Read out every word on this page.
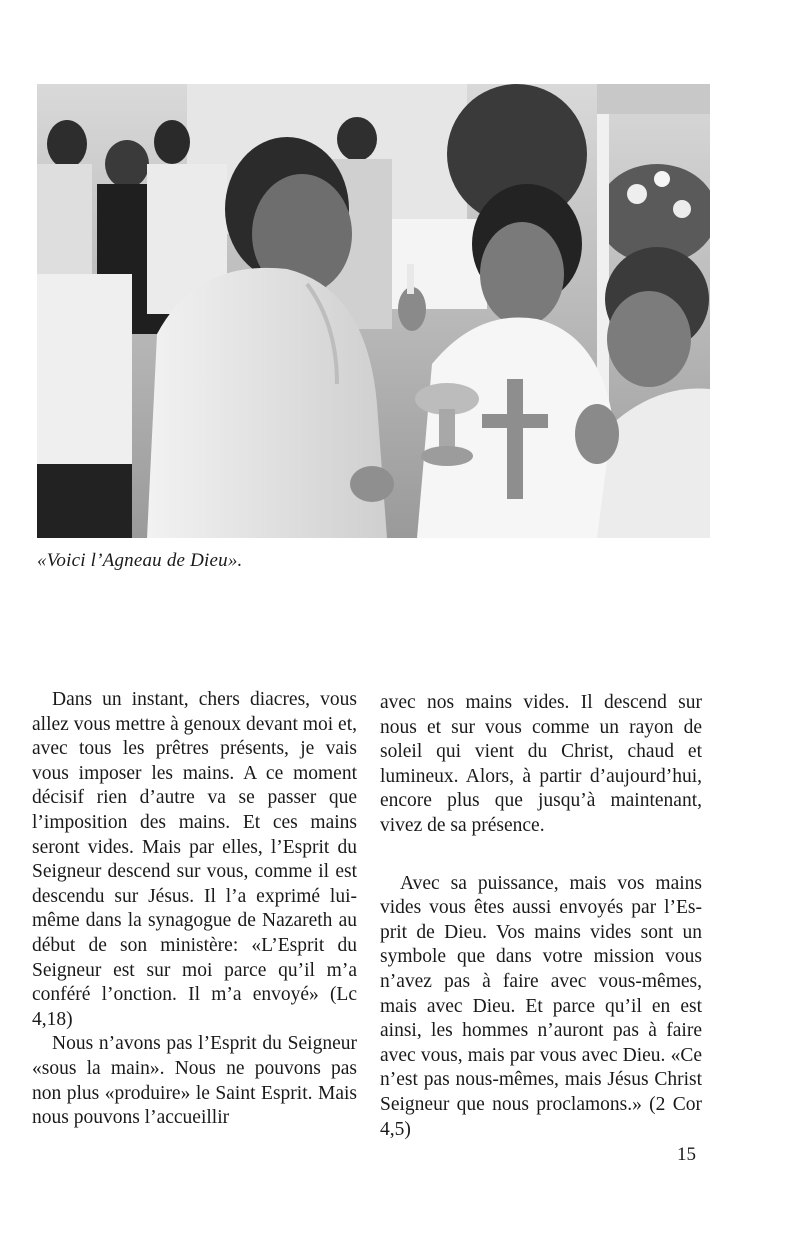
«Voici l’Agneau de Dieu».

Dans un instant, chers diacres, vous allez vous mettre à genoux devant moi et, avec tous les prêtres présents, je vais vous imposer les mains. A ce moment décisif rien d’autre va se passer que l’imposition des mains. Et ces mains seront vides. Mais par elles, l’Esprit du Seigneur descend sur vous, comme il est descendu sur Jésus. Il l’a exprimé lui-même dans la synagogue de Nazareth au début de son ministère: «L’Esprit du Seigneur est sur moi parce qu’il m’a conféré l’onction. Il m’a envoyé» (Lc 4,18)

Nous n’avons pas l’Esprit du Seigneur «sous la main». Nous ne pouvons pas non plus «produire» le Saint Esprit. Mais nous pouvons l’accueillir

avec nos mains vides. Il descend sur nous et sur vous comme un rayon de soleil qui vient du Christ, chaud et lumineux. Alors, à partir d’aujourd’hui, encore plus que jusqu’à maintenant, vivez de sa présence.

Avec sa puissance, mais vos mains vides vous êtes aussi envoyés par l’Esprit de Dieu. Vos mains vides sont un symbole que dans votre mission vous n’avez pas à faire avec vous-mêmes, mais avec Dieu. Et parce qu’il en est ainsi, les hommes n’auront pas à faire avec vous, mais par vous avec Dieu. «Ce n’est pas nous-mêmes, mais Jésus Christ Seigneur que nous proclamons.» (2 Cor 4,5)

15
